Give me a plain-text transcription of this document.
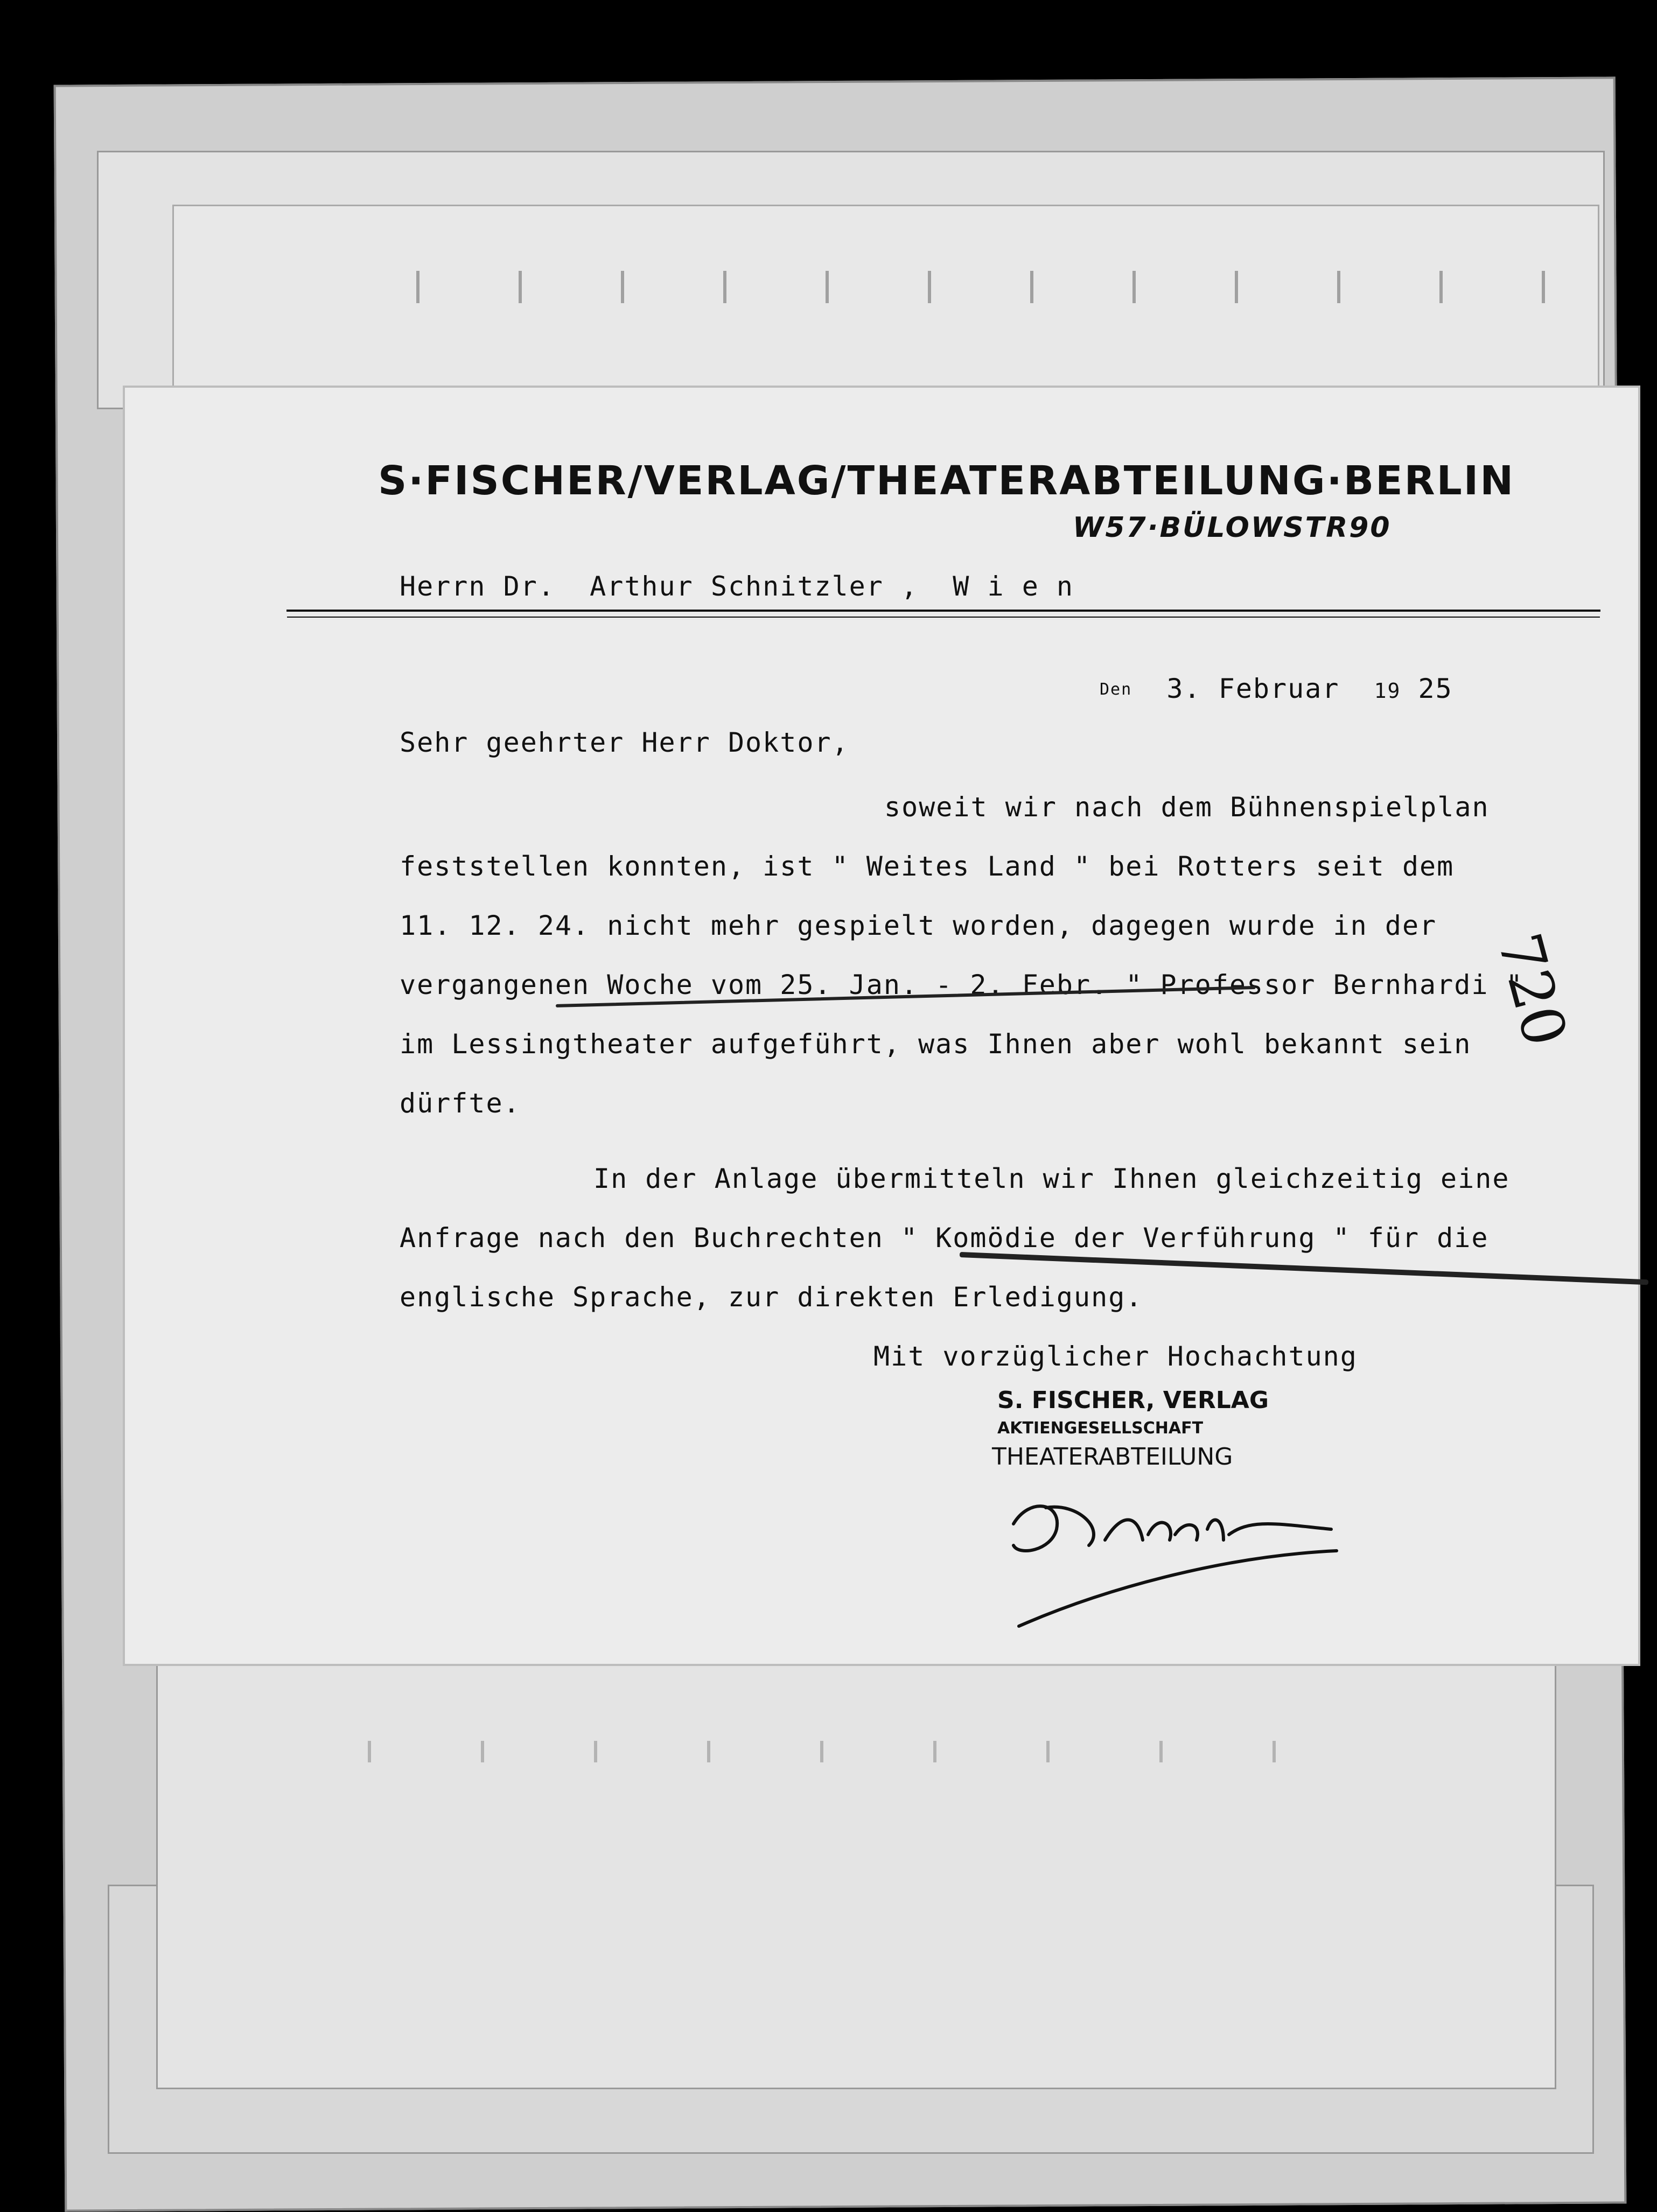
S·FISCHER/VERLAG/THEATERABTEILUNG·BERLIN
W57·BÜLOWSTR90
Herrn Dr.  Arthur Schnitzler ,  W i e n
Den 3. Februar 19 25
Sehr geehrter Herr Doktor,
soweit wir nach dem Bühnenspielplan
feststellen konnten, ist " Weites Land " bei Rotters seit dem
11. 12. 24. nicht mehr gespielt worden, dagegen wurde in der
vergangenen Woche vom 25. Jan. - 2. Febr. " Professor Bernhardi "
im Lessingtheater aufgeführt, was Ihnen aber wohl bekannt sein
dürfte.
In der Anlage übermitteln wir Ihnen gleichzeitig eine
Anfrage nach den Buchrechten " Komödie der Verführung " für die
englische Sprache, zur direkten Erledigung.
Mit vorzüglicher Hochachtung
S. FISCHER, VERLAG
AKTIENGESELLSCHAFT
THEATERABTEILUNG
720
